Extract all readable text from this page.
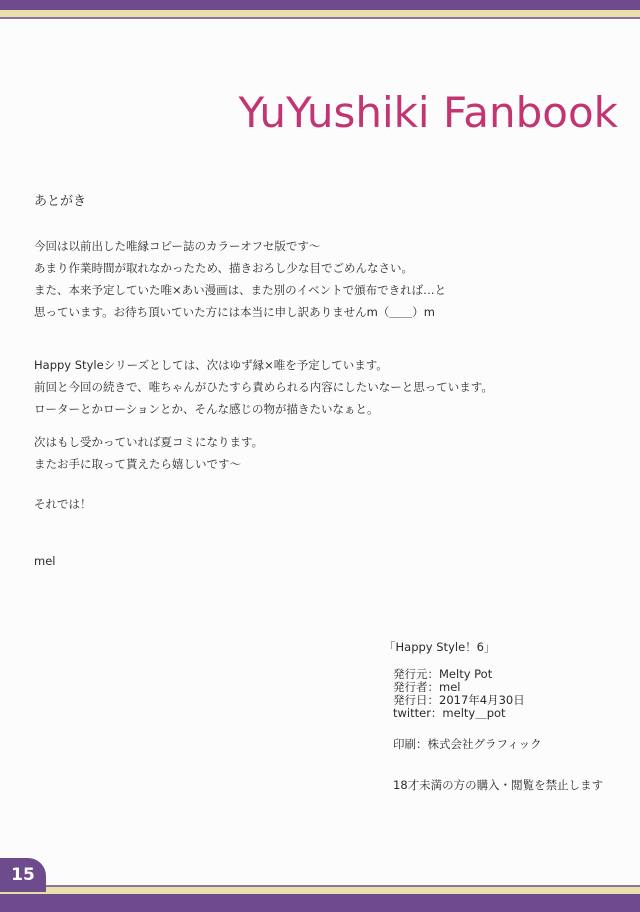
YuYushiki Fanbook
あとがき
今回は以前出した唯縁コピー誌のカラーオフセ版です～
あまり作業時間が取れなかったため、描きおろし少な目でごめんなさい。
また、本来予定していた唯×あい漫画は、また別のイベントで頒布できれば…と
思っています。お待ち頂いていた方には本当に申し訳ありませんm（＿＿）m
Happy Styleシリーズとしては、次はゆず縁×唯を予定しています。
前回と今回の続きで、唯ちゃんがひたすら責められる内容にしたいなーと思っています。
ローターとかローションとか、そんな感じの物が描きたいなぁと。
次はもし受かっていれば夏コミになります。
またお手に取って貰えたら嬉しいです～
それでは！
mel
「Happy Style！6」
発行元：Melty Pot
発行者：mel
発行日：2017年4月30日
twitter：melty＿pot
印刷：株式会社グラフィック
18才未満の方の購入・閲覧を禁止します
15
